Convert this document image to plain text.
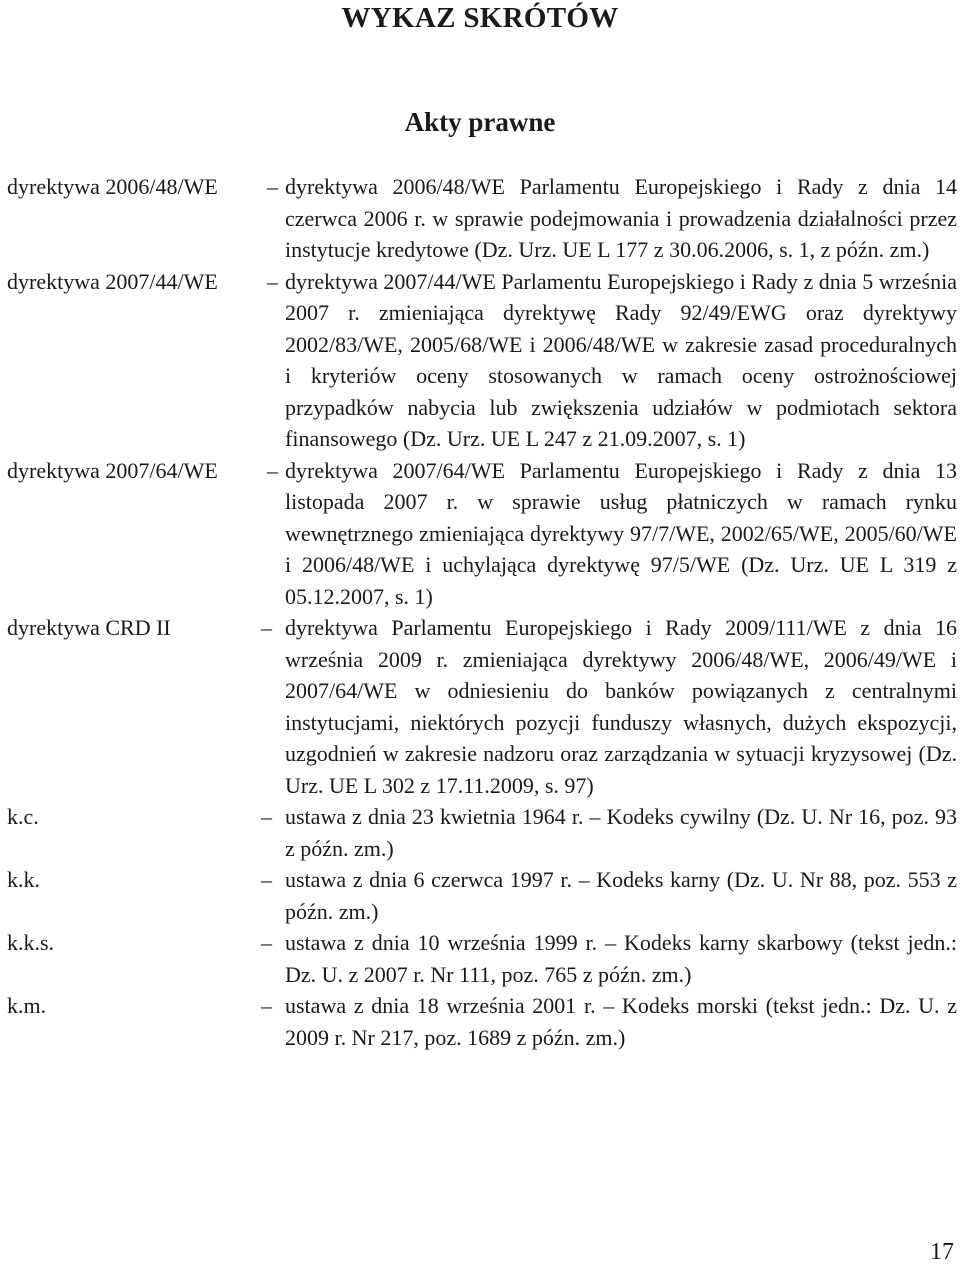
WYKAZ SKRÓTÓW
Akty prawne
dyrektywa 2006/48/WE – dyrektywa 2006/48/WE Parlamentu Europejskiego i Rady z dnia 14 czerwca 2006 r. w sprawie podejmowania i prowadzenia działalności przez instytucje kredytowe (Dz. Urz. UE L 177 z 30.06.2006, s. 1, z późn. zm.)
dyrektywa 2007/44/WE – dyrektywa 2007/44/WE Parlamentu Europejskiego i Rady z dnia 5 września 2007 r. zmieniająca dyrektywę Rady 92/49/EWG oraz dyrektywy 2002/83/WE, 2005/68/WE i 2006/48/WE w zakresie zasad proceduralnych i kryteriów oceny stosowanych w ramach oceny ostrożnościowej przypadków nabycia lub zwiększenia udziałów w podmiotach sektora finansowego (Dz. Urz. UE L 247 z 21.09.2007, s. 1)
dyrektywa 2007/64/WE – dyrektywa 2007/64/WE Parlamentu Europejskiego i Rady z dnia 13 listopada 2007 r. w sprawie usług płatniczych w ramach rynku wewnętrznego zmieniająca dyrektywy 97/7/WE, 2002/65/WE, 2005/60/WE i 2006/48/WE i uchylająca dyrektywę 97/5/WE (Dz. Urz. UE L 319 z 05.12.2007, s. 1)
dyrektywa CRD II	– dyrektywa Parlamentu Europejskiego i Rady 2009/111/WE z dnia 16 września 2009 r. zmieniająca dyrektywy 2006/48/WE, 2006/49/WE i 2007/64/WE w odniesieniu do banków powiązanych z centralnymi instytucjami, niektórych pozycji funduszy własnych, dużych ekspozycji, uzgodnień w zakresie nadzoru oraz zarządzania w sytuacji kryzysowej (Dz. Urz. UE L 302 z 17.11.2009, s. 97)
k.c.	– ustawa z dnia 23 kwietnia 1964 r. – Kodeks cywilny (Dz. U. Nr 16, poz. 93 z późn. zm.)
k.k.	– ustawa z dnia 6 czerwca 1997 r. – Kodeks karny (Dz. U. Nr 88, poz. 553 z późn. zm.)
k.k.s.	– ustawa z dnia 10 września 1999 r. – Kodeks karny skarbowy (tekst jedn.: Dz. U. z 2007 r. Nr 111, poz. 765 z późn. zm.)
k.m.	– ustawa z dnia 18 września 2001 r. – Kodeks morski (tekst jedn.: Dz. U. z 2009 r. Nr 217, poz. 1689 z późn. zm.)
17
